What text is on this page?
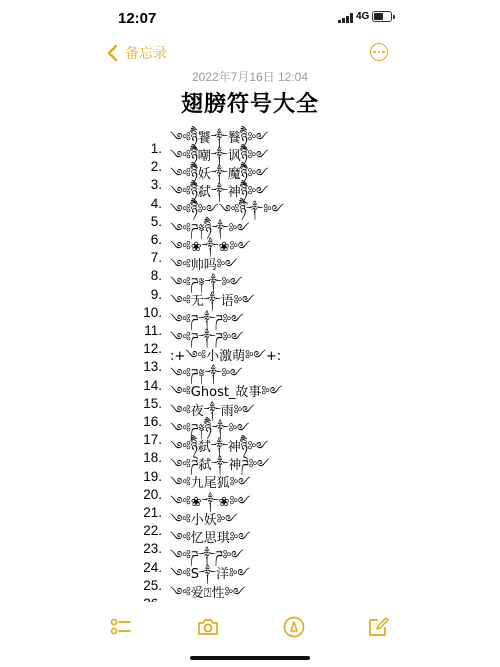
12:07	4G
备忘录
2022年7月16日 12:04
翅膀符号大全
1.
༺ཉ྄ིཻ饕༒餮ཉ྄ིཻ༻
2.
༺ཉ྄ིཻ嘲༒讽ཉ྄ིཻ༻
3.
༺ཉ྄ིཻ妖༒魔ཉ྄ིཻ༻
4.
༺ཉ྄ིཻ弑༒神ཉ྄ིཻ༻
5.
༺ཉིཻ༻༺ཉིཻ༒༻
6.
༺ཌ༈ཉིཻ༒༻
7.
༺❀༒❀༻
8.
༺帅吗༻
9.
༺ཌ༈༒༻
10.
༺无༒语༻
11.
༺ཌ༒ཌ༻
12.
༺ཌ༒ཌ༻
13.
:+༺小激萌༻+:
14.
༺ཌ༈༒༻
15.
༺Ghost_故事༻
16.
༺夜༒雨༻
17.
༺ཌ༈ཉིཻ༒༻
18.
༺ཉ྄ིཻ弑༒神ཉ྄ིཻ༻
19.
༺ཌ弑༒神ཌ༻
20.
༺九尾狐༻
21.
༺❀༒❀༻
22.
༺小妖༻
23.
༺忆思琪༻
24.
༺ཌ༒ཌ༻
25.
༺S༒洋༻
༺爱⍰性༻
